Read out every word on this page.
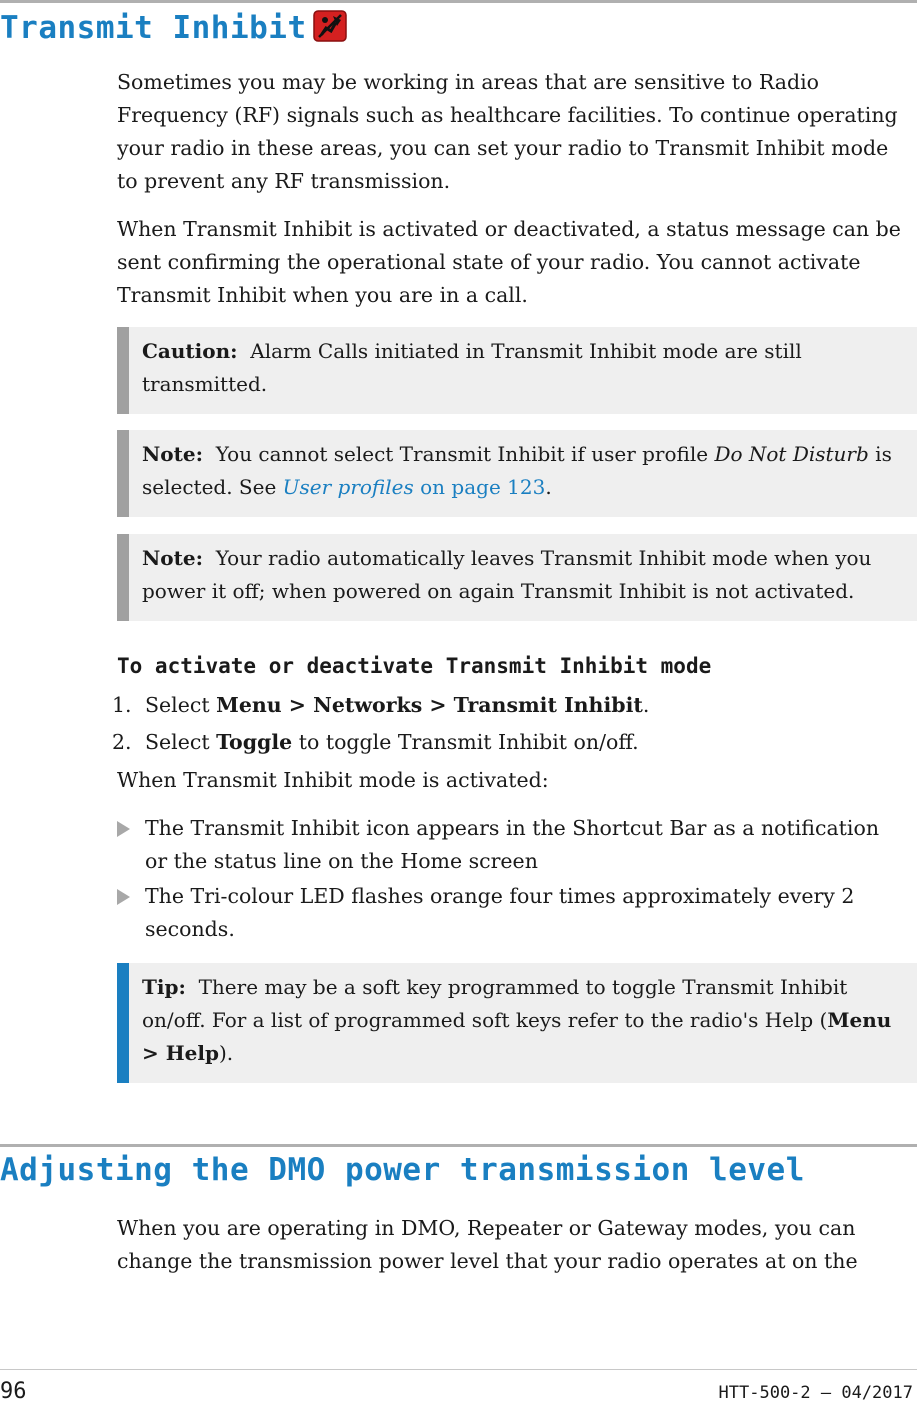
Transmit Inhibit

Sometimes you may be working in areas that are sensitive to Radio Frequency (RF) signals such as healthcare facilities. To continue operating your radio in these areas, you can set your radio to Transmit Inhibit mode to prevent any RF transmission.

When Transmit Inhibit is activated or deactivated, a status message can be sent confirming the operational state of your radio. You cannot activate Transmit Inhibit when you are in a call.

Caution: Alarm Calls initiated in Transmit Inhibit mode are still transmitted.
Note: You cannot select Transmit Inhibit if user profile Do Not Disturb is selected. See User profiles on page 123.
Note: Your radio automatically leaves Transmit Inhibit mode when you power it off; when powered on again Transmit Inhibit is not activated.
To activate or deactivate Transmit Inhibit mode
1. Select Menu > Networks > Transmit Inhibit.
2. Select Toggle to toggle Transmit Inhibit on/off.

When Transmit Inhibit mode is activated:

The Transmit Inhibit icon appears in the Shortcut Bar as a notification or the status line on the Home screen
The Tri-colour LED flashes orange four times approximately every 2 seconds.
Tip: There may be a soft key programmed to toggle Transmit Inhibit on/off. For a list of programmed soft keys refer to the radio's Help (Menu > Help).
Adjusting the DMO power transmission level

When you are operating in DMO, Repeater or Gateway modes, you can change the transmission power level that your radio operates at on the

96	HTT-500-2 – 04/2017
